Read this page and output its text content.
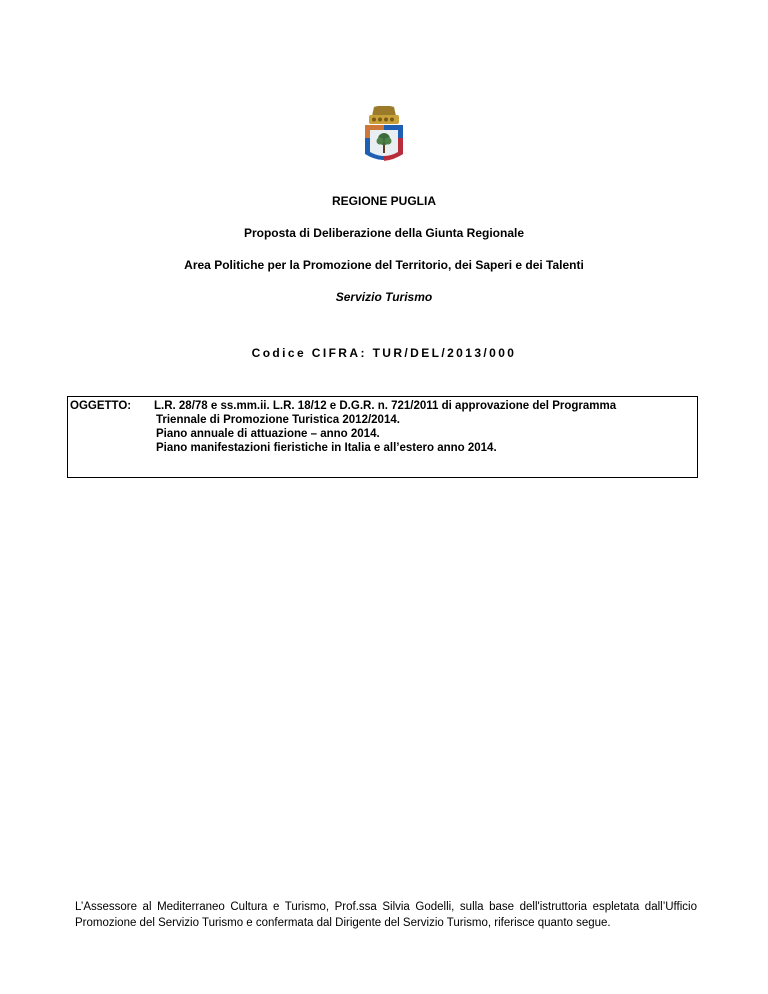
REGIONE PUGLIA
Proposta di Deliberazione della Giunta Regionale
Area Politiche per la Promozione del Territorio, dei Saperi e dei Talenti
Servizio Turismo
Codice CIFRA: TUR/DEL/2013/000
OGGETTO: L.R. 28/78 e ss.mm.ii. L.R. 18/12 e D.G.R. n. 721/2011 di approvazione del Programma
Triennale di Promozione Turistica 2012/2014.
Piano annuale di attuazione – anno 2014.
Piano manifestazioni fieristiche in Italia e all’estero anno 2014.
L’Assessore al Mediterraneo Cultura e Turismo, Prof.ssa Silvia Godelli, sulla base dell'istruttoria espletata dall’Ufficio Promozione del Servizio Turismo e confermata dal Dirigente del Servizio Turismo, riferisce quanto segue.
